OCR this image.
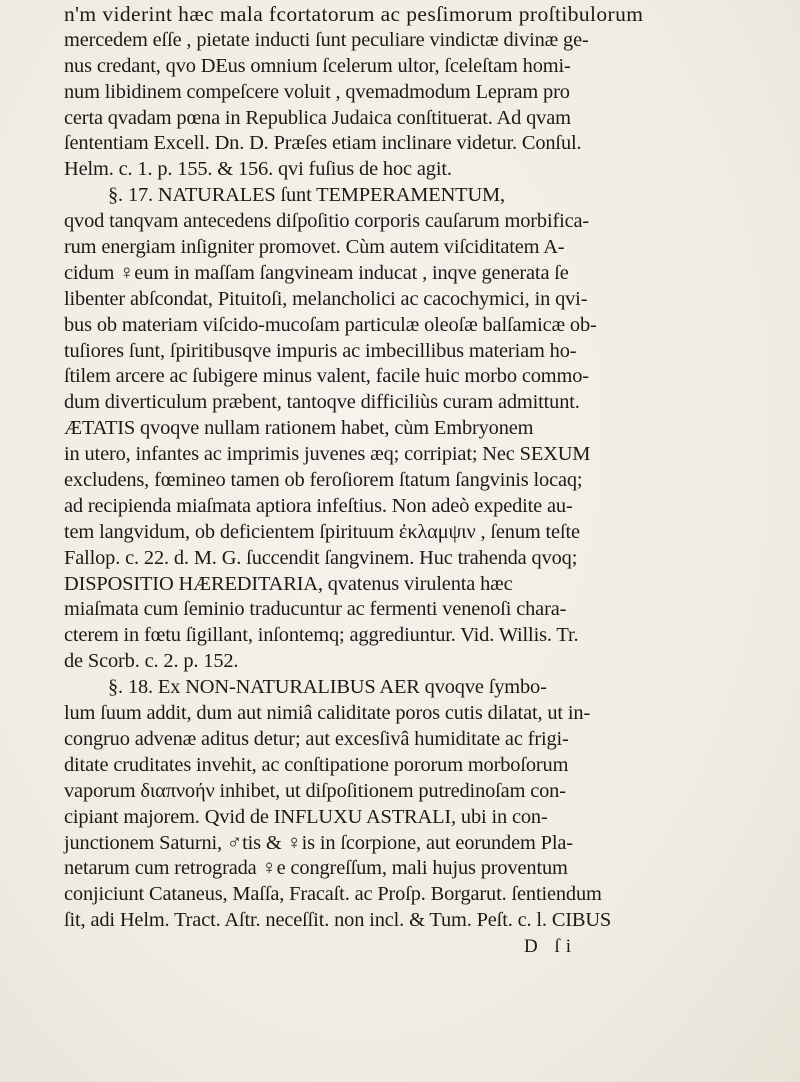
n'm viderint hæc mala fcortatorum ac pesſimorum proſtibulorum
mercedem eſſe , pietate inducti ſunt peculiare vindictæ divinæ ge-
nus credant, qvo DEus omnium ſcelerum ultor, ſceleſtam homi-
num libidinem compeſcere voluit , qvemadmodum Lepram pro
certa qvadam pœna in Republica Judaica conſtituerat. Ad qvam
ſententiam Excell. Dn. D. Præſes etiam inclinare videtur. Conſul.
Helm. c. 1. p. 155. & 156. qvi fuſius de hoc agit.
§. 17. NATURALES ſunt TEMPERAMENTUM,
qvod tanqvam antecedens diſpoſitio corporis cauſarum morbifica-
rum energiam inſigniter promovet. Cùm autem viſciditatem A-
cidum ♀eum in maſſam ſangvineam inducat , inqve generata ſe
libenter abſcondat, Pituitoſi, melancholici ac cacochymici, in qvi-
bus ob materiam viſcido-mucoſam particulæ oleoſæ balſamicæ ob-
tuſiores ſunt, ſpiritibusqve impuris ac imbecillibus materiam ho-
ſtilem arcere ac ſubigere minus valent, facile huic morbo commo-
dum diverticulum præbent, tantoqve difficiliùs curam admittunt.
ÆTATIS qvoqve nullam rationem habet, cùm Embryonem
in utero, infantes ac imprimis juvenes æq; corripiat; Nec SEXUM
excludens, fœmineo tamen ob feroſiorem ſtatum ſangvinis locaq;
ad recipienda miaſmata aptiora infeſtius. Non adeò expedite au-
tem langvidum, ob deficientem ſpirituum ἐκλαμψιν , ſenum teſte
Fallop. c. 22. d. M. G. ſuccendit ſangvinem. Huc trahenda qvoq;
DISPOSITIO HÆREDITARIA, qvatenus virulenta hæc
miaſmata cum ſeminio traducuntur ac fermenti venenoſi chara-
cterem in fœtu ſigillant, inſontemq; aggrediuntur. Vid. Willis. Tr.
de Scorb. c. 2. p. 152.
§. 18. Ex NON-NATURALIBUS AER qvoqve ſymbo-
lum ſuum addit, dum aut nimiâ caliditate poros cutis dilatat, ut in-
congruo advenæ aditus detur; aut excesſivâ humiditate ac frigi-
ditate cruditates invehit, ac conſtipatione pororum morboſorum
vaporum διαπνοήν inhibet, ut diſpoſitionem putredinoſam con-
cipiant majorem. Qvid de INFLUXU ASTRALI, ubi in con-
junctionem Saturni, ♂tis & ♀is in ſcorpione, aut eorundem Pla-
netarum cum retrograda ♀e congreſſum, mali hujus proventum
conjiciunt Cataneus, Maſſa, Fracaſt. ac Proſp. Borgarut. ſentiendum
ſit, adi Helm. Tract. Aſtr. neceſſit. non incl. & Tum. Peſt. c. l. CIBUS
D ſi
